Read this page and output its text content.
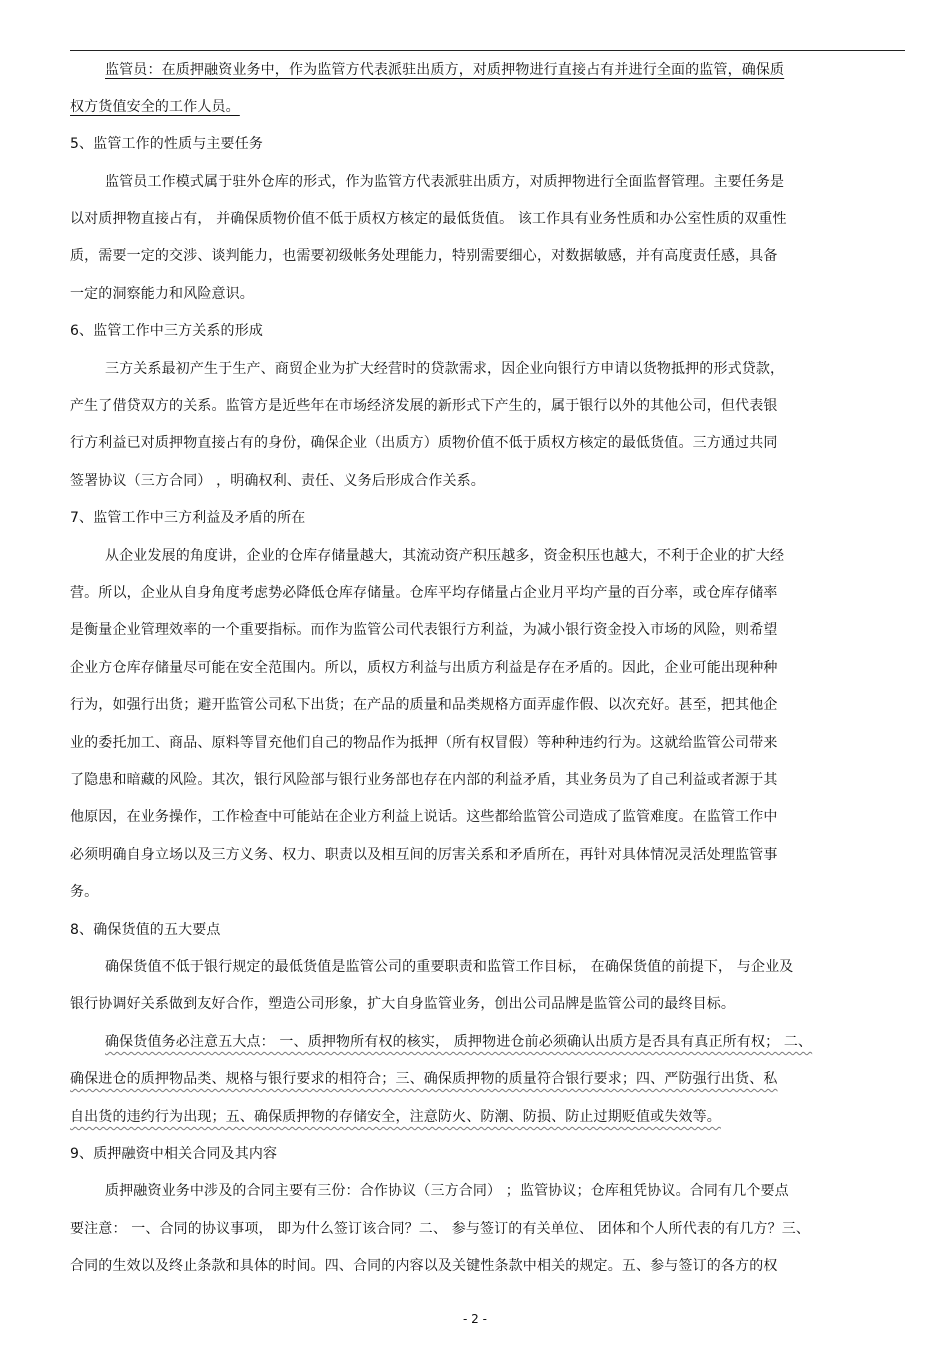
监管员：在质押融资业务中，作为监管方代表派驻出质方，对质押物进行直接占有并进行全面的监管，确保质
权方货值安全的工作人员。
5、监管工作的性质与主要任务
监管员工作模式属于驻外仓库的形式，作为监管方代表派驻出质方，对质押物进行全面监督管理。主要任务是
以对质押物直接占有， 并确保质物价值不低于质权方核定的最低货值。 该工作具有业务性质和办公室性质的双重性
质，需要一定的交涉、谈判能力，也需要初级帐务处理能力，特别需要细心，对数据敏感，并有高度责任感，具备
一定的洞察能力和风险意识。
6、监管工作中三方关系的形成
三方关系最初产生于生产、商贸企业为扩大经营时的贷款需求，因企业向银行方申请以货物抵押的形式贷款，
产生了借贷双方的关系。监管方是近些年在市场经济发展的新形式下产生的，属于银行以外的其他公司，但代表银
行方利益已对质押物直接占有的身份，确保企业（出质方）质物价值不低于质权方核定的最低货值。三方通过共同
签署协议（三方合同） ，明确权利、责任、义务后形成合作关系。
7、监管工作中三方利益及矛盾的所在
从企业发展的角度讲，企业的仓库存储量越大，其流动资产积压越多，资金积压也越大，不利于企业的扩大经
营。所以，企业从自身角度考虑势必降低仓库存储量。仓库平均存储量占企业月平均产量的百分率，或仓库存储率
是衡量企业管理效率的一个重要指标。而作为监管公司代表银行方利益，为减小银行资金投入市场的风险，则希望
企业方仓库存储量尽可能在安全范围内。所以，质权方利益与出质方利益是存在矛盾的。因此，企业可能出现种种
行为，如强行出货；避开监管公司私下出货；在产品的质量和品类规格方面弄虚作假、以次充好。甚至，把其他企
业的委托加工、商品、原料等冒充他们自己的物品作为抵押（所有权冒假）等种种违约行为。这就给监管公司带来
了隐患和暗藏的风险。其次，银行风险部与银行业务部也存在内部的利益矛盾，其业务员为了自己利益或者源于其
他原因，在业务操作，工作检查中可能站在企业方利益上说话。这些都给监管公司造成了监管难度。在监管工作中
必须明确自身立场以及三方义务、权力、职责以及相互间的厉害关系和矛盾所在，再针对具体情况灵活处理监管事
务。
8、确保货值的五大要点
确保货值不低于银行规定的最低货值是监管公司的重要职责和监管工作目标， 在确保货值的前提下， 与企业及
银行协调好关系做到友好合作，塑造公司形象，扩大自身监管业务，创出公司品牌是监管公司的最终目标。
确保货值务必注意五大点： 一、质押物所有权的核实， 质押物进仓前必须确认出质方是否具有真正所有权； 二、
确保进仓的质押物品类、规格与银行要求的相符合；三、确保质押物的质量符合银行要求；四、严防强行出货、私
自出货的违约行为出现；五、确保质押物的存储安全，注意防火、防潮、防损、防止过期贬值或失效等。
9、质押融资中相关合同及其内容
质押融资业务中涉及的合同主要有三份：合作协议（三方合同） ；监管协议；仓库租凭协议。合同有几个要点
要注意： 一、合同的协议事项， 即为什么签订该合同？二、 参与签订的有关单位、 团体和个人所代表的有几方？三、
合同的生效以及终止条款和具体的时间。四、合同的内容以及关键性条款中相关的规定。五、参与签订的各方的权
- 2 -
